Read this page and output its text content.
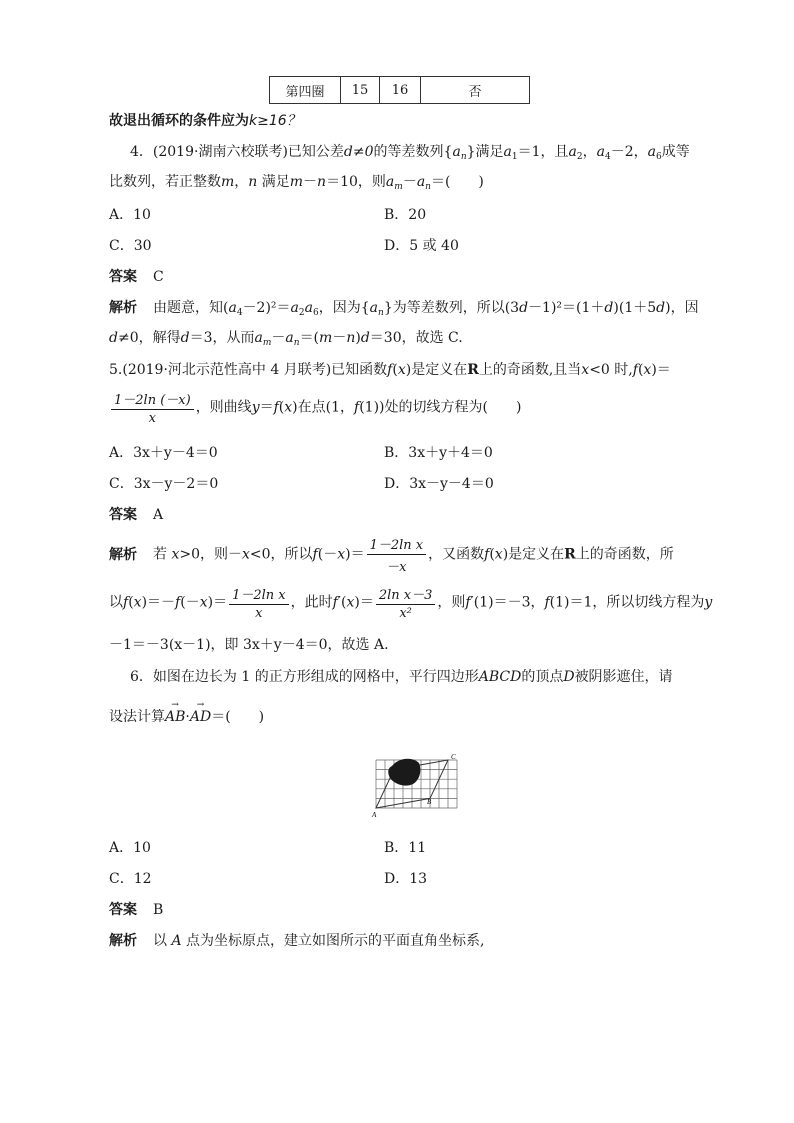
第四圈	15	16	否
故退出循环的条件应为k≥16？
4．(2019·湖南六校联考)已知公差d≠0的等差数列$\{a_n\}$满足$a_1=1$，且$a_2$，$a_4-2$，$a_6$成等
比数列，若正整数m，n 满足m－n＝10，则$a_m-a_n=$(　　)
A．10	B．20
C．30	D．5 或 40
答案 C
解析 由题意，知$(a_4-2)^2=a_2a_6$，因为$\{a_n\}$为等差数列，所以(3d－1)²＝(1＋d)(1＋5d)，因
d≠0，解得d＝3，从而$a_m-a_n=(m-n)d=30$，故选 C.
5.(2019·河北示范性高中 4 月联考)已知函数f(x)是定义在R上的奇函数,且当x<0 时,f(x)＝
$\frac{1-2\ln (-x)}{x}$ ，则曲线y＝f(x)在点(1，f(1))处的切线方程为(　　)
A．3x＋y－4＝0	B．3x＋y＋4＝0
C．3x－y－2＝0	D．3x－y－4＝0
答案 A
解析 若 x>0，则－x<0，所以$f(-x)= \frac{\text{1－2ln x}}{-x}$ ，又函数f(x)是定义在R上的奇函数，所
以$f(x)=-f(-x)= \frac{\text{1－2ln x}}{x}$ ，此时$f'(x)= \frac{\text{2ln x－3}}{\text{x²}}$ ，则f′(1)＝－3，f(1)＝1，所以切线方程为y
－1＝－3(x－1)，即 3x＋y－4＝0，故选 A.
6．如图在边长为 1 的正方形组成的网格中，平行四边形ABCD的顶点D被阴影遮住，请
设法计算→ AB·→ AD＝(　　)
A
B
C
A．10	B．11
C．12	D．13
答案 B
解析 以 A 点为坐标原点，建立如图所示的平面直角坐标系,
